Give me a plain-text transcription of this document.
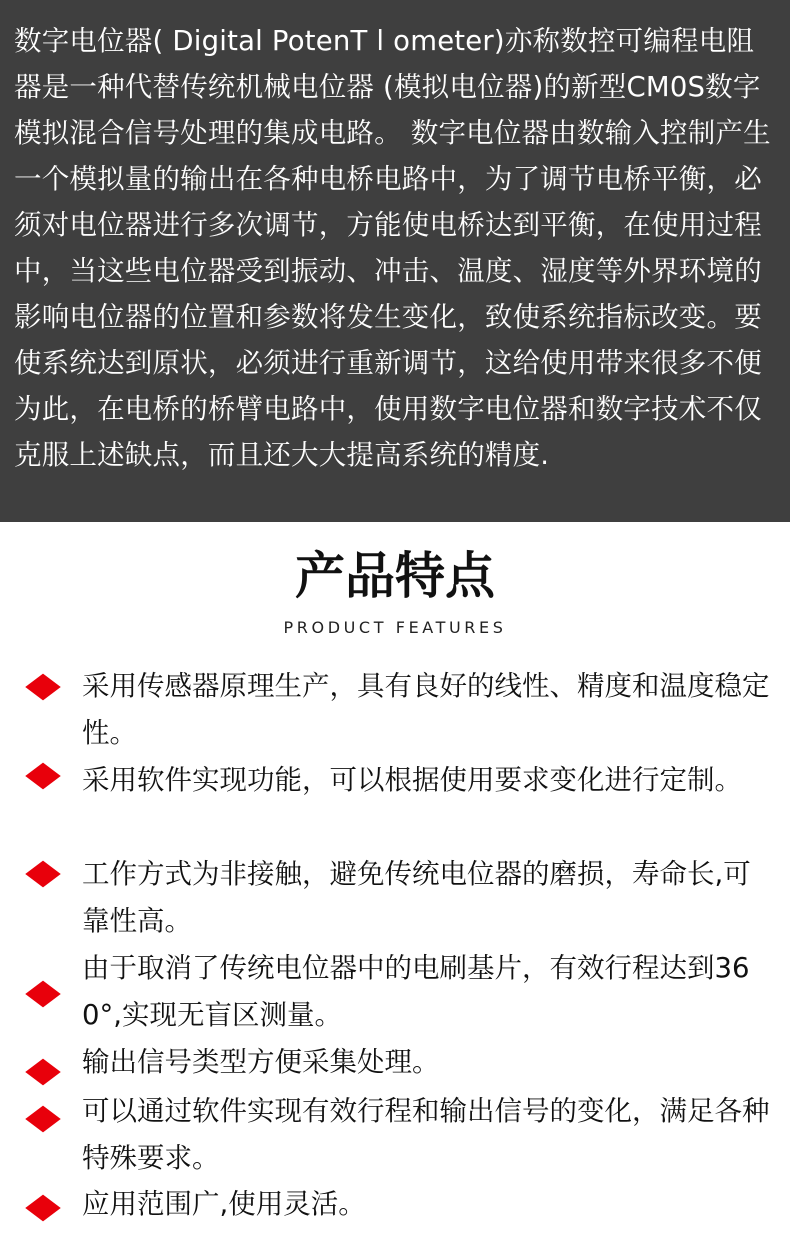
数字电位器( Digital PotenT l ometer)亦称数控可编程电阻器是一种代替传统机械电位器 (模拟电位器)的新型CM0S数字模拟混合信号处理的集成电路。 数字电位器由数输入控制产生一个模拟量的输出在各种电桥电路中，为了调节电桥平衡，必须对电位器进行多次调节，方能使电桥达到平衡，在使用过程中，当这些电位器受到振动、冲击、温度、湿度等外界环境的影响电位器的位置和参数将发生变化，致使系统指标改变。要使系统达到原状，必须进行重新调节，这给使用带来很多不便为此，在电桥的桥臂电路中，使用数字电位器和数字技术不仅克服上述缺点，而且还大大提高系统的精度.

产品特点
PRODUCT FEATURES

采用传感器原理生产，具有良好的线性、精度和温度稳定性。

采用软件实现功能，可以根据使用要求变化进行定制。

工作方式为非接触，避免传统电位器的磨损，寿命长,可靠性高。

由于取消了传统电位器中的电刷基片，有效行程达到360°,实现无盲区测量。

输出信号类型方便采集处理。

可以通过软件实现有效行程和输出信号的变化，满足各种特殊要求。

应用范围广,使用灵活。
